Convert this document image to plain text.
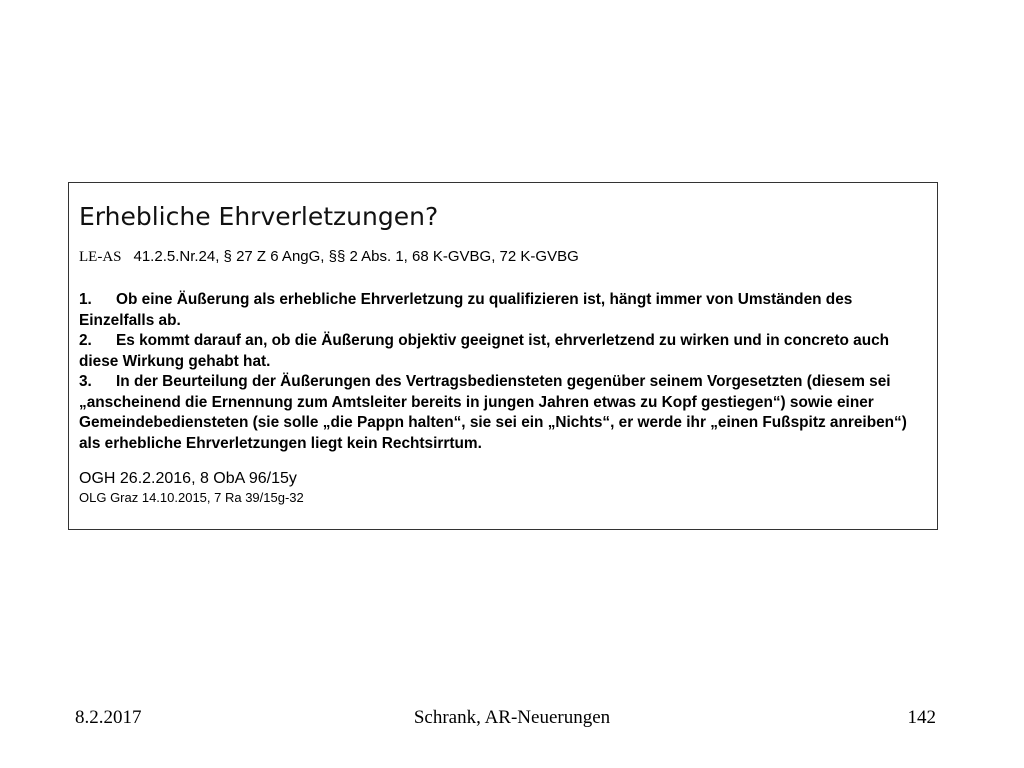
Erhebliche Ehrverletzungen?
LE-AS 41.2.5.Nr.24, § 27 Z 6 AngG, §§ 2 Abs. 1, 68 K-GVBG, 72 K-GVBG
1. Ob eine Äußerung als erhebliche Ehrverletzung zu qualifizieren ist, hängt immer von Umständen des Einzelfalls ab.
2. Es kommt darauf an, ob die Äußerung objektiv geeignet ist, ehrverletzend zu wirken und in concreto auch diese Wirkung gehabt hat.
3. In der Beurteilung der Äußerungen des Vertragsbediensteten gegenüber seinem Vorgesetzten (diesem sei „anscheinend die Ernennung zum Amtsleiter bereits in jungen Jahren etwas zu Kopf gestiegen“) sowie einer Gemeindebediensteten (sie solle „die Pappn halten“, sie sei ein „Nichts“, er werde ihr „einen Fußspitz anreiben“) als erhebliche Ehrverletzungen liegt kein Rechtsirrtum.
OGH 26.2.2016, 8 ObA 96/15y
OLG Graz 14.10.2015, 7 Ra 39/15g-32
8.2.2017	Schrank, AR-Neuerungen	142
